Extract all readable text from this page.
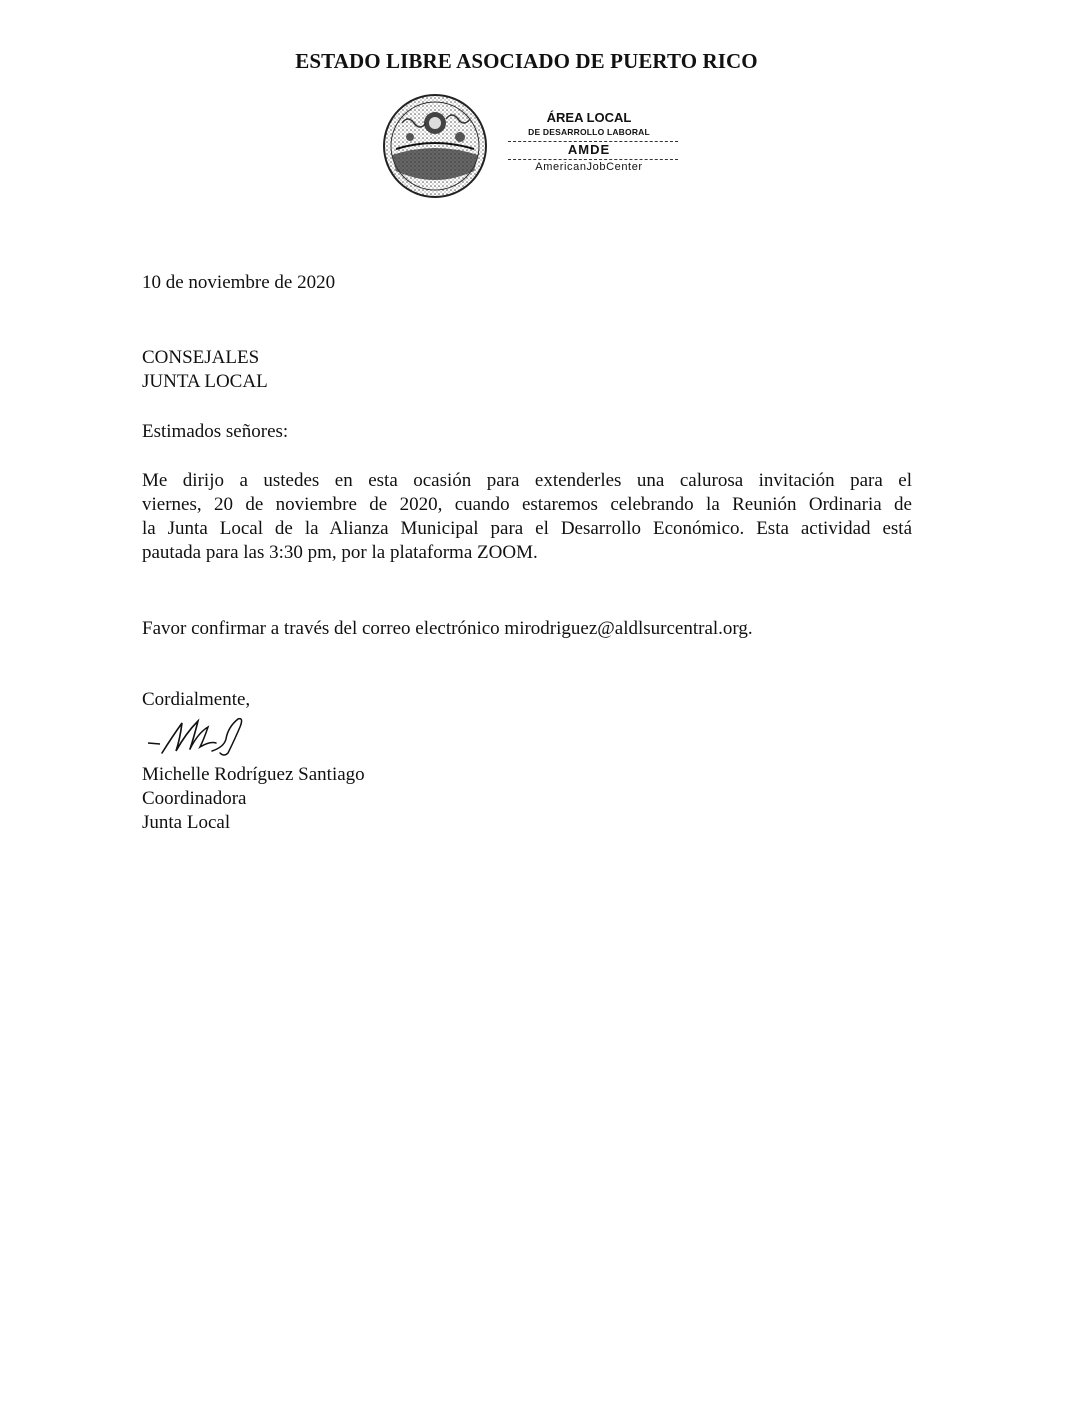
ESTADO LIBRE ASOCIADO DE PUERTO RICO
ÁREA LOCAL
DE DESARROLLO LABORAL
AMDE
AmericanJobCenter
10 de noviembre de 2020
CONSEJALES
JUNTA LOCAL
Estimados señores:
Me dirijo a ustedes en esta ocasión para extenderles una calurosa invitación para el
viernes, 20 de noviembre de 2020, cuando estaremos celebrando la Reunión Ordinaria de
la Junta Local de la Alianza Municipal para el Desarrollo Económico. Esta actividad está
pautada para las 3:30 pm, por la plataforma ZOOM.
Favor confirmar a través del correo electrónico mirodriguez@aldlsurcentral.org.
Cordialmente,
Michelle Rodríguez Santiago
Coordinadora
Junta Local
